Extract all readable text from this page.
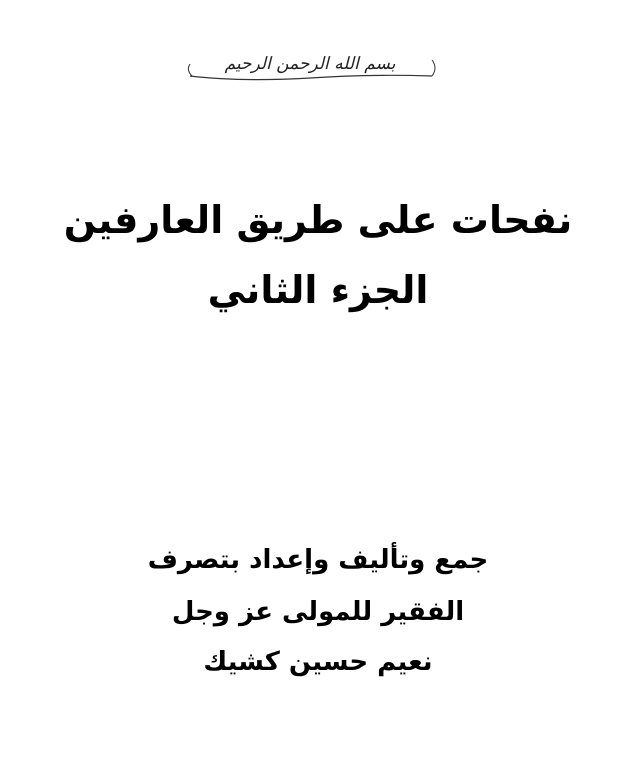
بسم الله الرحمن الرحيم
نفحات على طريق العارفين
الجزء الثاني
جمع وتأليف وإعداد بتصرف
الفقير للمولى عز وجل
نعيم حسين كشيك
